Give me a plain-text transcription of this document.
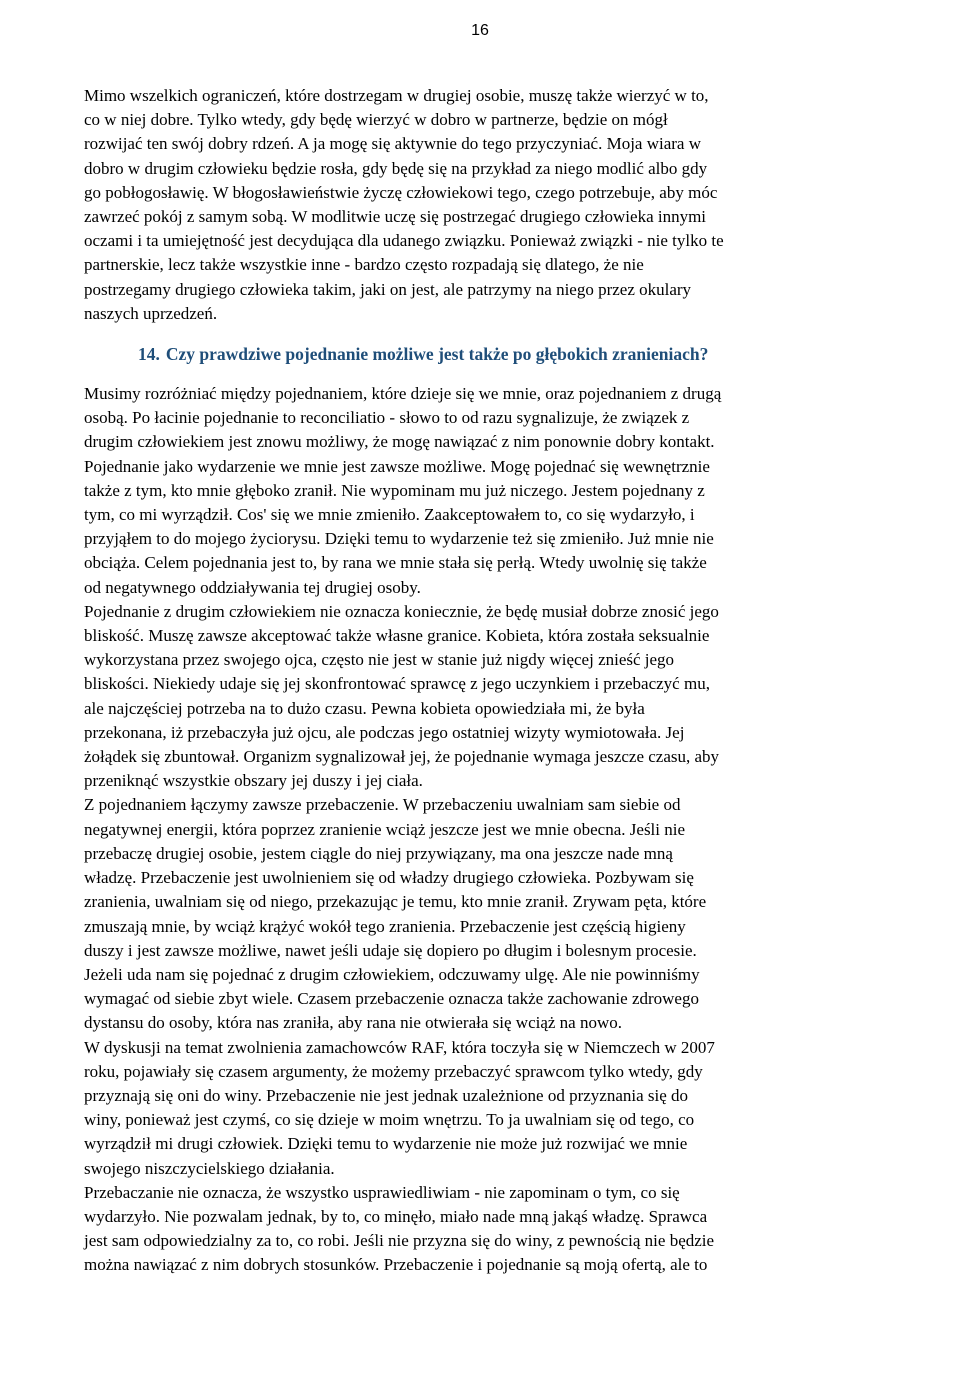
16

Mimo wszelkich ograniczeń, które dostrzegam w drugiej osobie, muszę także wierzyć w to,
co w niej dobre. Tylko wtedy, gdy będę wierzyć w dobro w partnerze, będzie on mógł
rozwijać ten swój dobry rdzeń. A ja mogę się aktywnie do tego przyczyniać. Moja wiara w
dobro w drugim człowieku będzie rosła, gdy będę się na przykład za niego modlić albo gdy
go pobłogosławię. W błogosławieństwie życzę człowiekowi tego, czego potrzebuje, aby móc
zawrzeć pokój z samym sobą. W modlitwie uczę się postrzegać drugiego człowieka innymi
oczami i ta umiejętność jest decydująca dla udanego związku. Ponieważ związki - nie tylko te
partnerskie, lecz także wszystkie inne - bardzo często rozpadają się dlatego, że nie
postrzegamy drugiego człowieka takim, jaki on jest, ale patrzymy na niego przez okulary
naszych uprzedzeń.

14. Czy prawdziwe pojednanie możliwe jest także po głębokich zranieniach?

Musimy rozróżniać między pojednaniem, które dzieje się we mnie, oraz pojednaniem z drugą
osobą. Po łacinie pojednanie to reconciliatio - słowo to od razu sygnalizuje, że związek z
drugim człowiekiem jest znowu możliwy, że mogę nawiązać z nim ponownie dobry kontakt.
Pojednanie jako wydarzenie we mnie jest zawsze możliwe. Mogę pojednać się wewnętrznie
także z tym, kto mnie głęboko zranił. Nie wypominam mu już niczego. Jestem pojednany z
tym, co mi wyrządził. Cos' się we mnie zmieniło. Zaakceptowałem to, co się wydarzyło, i
przyjąłem to do mojego życiorysu. Dzięki temu to wydarzenie też się zmieniło. Już mnie nie
obciąża. Celem pojednania jest to, by rana we mnie stała się perłą. Wtedy uwolnię się także
od negatywnego oddziaływania tej drugiej osoby.

Pojednanie z drugim człowiekiem nie oznacza koniecznie, że będę musiał dobrze znosić jego
bliskość. Muszę zawsze akceptować także własne granice. Kobieta, która została seksualnie
wykorzystana przez swojego ojca, często nie jest w stanie już nigdy więcej znieść jego
bliskości. Niekiedy udaje się jej skonfrontować sprawcę z jego uczynkiem i przebaczyć mu,
ale najczęściej potrzeba na to dużo czasu. Pewna kobieta opowiedziała mi, że była
przekonana, iż przebaczyła już ojcu, ale podczas jego ostatniej wizyty wymiotowała. Jej
żołądek się zbuntował. Organizm sygnalizował jej, że pojednanie wymaga jeszcze czasu, aby
przeniknąć wszystkie obszary jej duszy i jej ciała.

Z pojednaniem łączymy zawsze przebaczenie. W przebaczeniu uwalniam sam siebie od
negatywnej energii, która poprzez zranienie wciąż jeszcze jest we mnie obecna. Jeśli nie
przebaczę drugiej osobie, jestem ciągle do niej przywiązany, ma ona jeszcze nade mną
władzę. Przebaczenie jest uwolnieniem się od władzy drugiego człowieka. Pozbywam się
zranienia, uwalniam się od niego, przekazując je temu, kto mnie zranił. Zrywam pęta, które
zmuszają mnie, by wciąż krążyć wokół tego zranienia. Przebaczenie jest częścią higieny
duszy i jest zawsze możliwe, nawet jeśli udaje się dopiero po długim i bolesnym procesie.
Jeżeli uda nam się pojednać z drugim człowiekiem, odczuwamy ulgę. Ale nie powinniśmy
wymagać od siebie zbyt wiele. Czasem przebaczenie oznacza także zachowanie zdrowego
dystansu do osoby, która nas zraniła, aby rana nie otwierała się wciąż na nowo.

W dyskusji na temat zwolnienia zamachowców RAF, która toczyła się w Niemczech w 2007
roku, pojawiały się czasem argumenty, że możemy przebaczyć sprawcom tylko wtedy, gdy
przyznają się oni do winy. Przebaczenie nie jest jednak uzależnione od przyznania się do
winy, ponieważ jest czymś, co się dzieje w moim wnętrzu. To ja uwalniam się od tego, co
wyrządził mi drugi człowiek. Dzięki temu to wydarzenie nie może już rozwijać we mnie
swojego niszczycielskiego działania.

Przebaczanie nie oznacza, że wszystko usprawiedliwiam - nie zapominam o tym, co się
wydarzyło. Nie pozwalam jednak, by to, co minęło, miało nade mną jakąś władzę. Sprawca
jest sam odpowiedzialny za to, co robi. Jeśli nie przyzna się do winy, z pewnością nie będzie
można nawiązać z nim dobrych stosunków. Przebaczenie i pojednanie są moją ofertą, ale to
